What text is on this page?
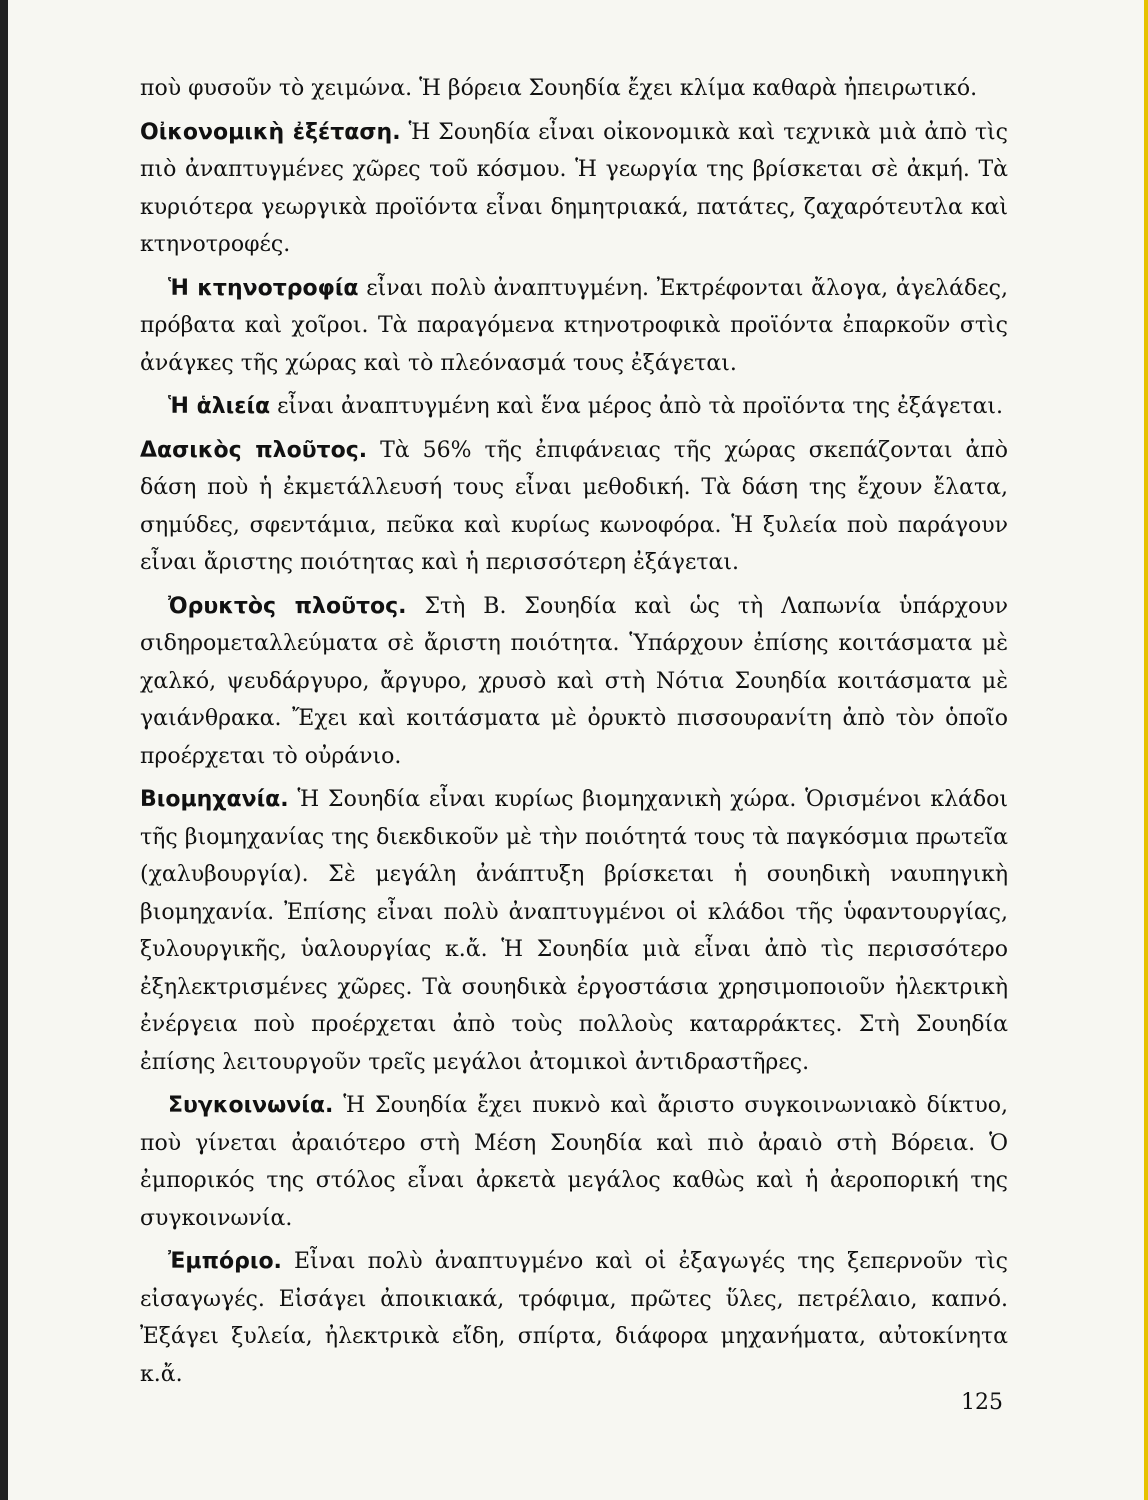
ποὺ φυσοῦν τὸ χειμώνα. Ἡ βόρεια Σουηδία ἔχει κλίμα καθαρὰ ἠπειρωτικό.

Οἰκονομικὴ ἐξέταση. Ἡ Σουηδία εἶναι οἰκονομικὰ καὶ τεχνικὰ μιὰ ἀπὸ τὶς πιὸ ἀναπτυγμένες χῶρες τοῦ κόσμου. Ἡ γεωργία της βρίσκεται σὲ ἀκμή. Τὰ κυριότερα γεωργικὰ προϊόντα εἶναι δημητριακά, πατάτες, ζαχαρότευτλα καὶ κτηνοτροφές.

Ἡ κτηνοτροφία εἶναι πολὺ ἀναπτυγμένη. Ἐκτρέφονται ἄλογα, ἀγελάδες, πρόβατα καὶ χοῖροι. Τὰ παραγόμενα κτηνοτροφικὰ προϊόντα ἐπαρκοῦν στὶς ἀνάγκες τῆς χώρας καὶ τὸ πλεόνασμά τους ἐξάγεται.

Ἡ ἁλιεία εἶναι ἀναπτυγμένη καὶ ἕνα μέρος ἀπὸ τὰ προϊόντα της ἐξάγεται.

Δασικὸς πλοῦτος. Τὰ 56% τῆς ἐπιφάνειας τῆς χώρας σκεπάζονται ἀπὸ δάση ποὺ ἡ ἐκμετάλλευσή τους εἶναι μεθοδική. Τὰ δάση της ἔχουν ἔλατα, σημύδες, σφεντάμια, πεῦκα καὶ κυρίως κωνοφόρα. Ἡ ξυλεία ποὺ παράγουν εἶναι ἄριστης ποιότητας καὶ ἡ περισσότερη ἐξάγεται.

Ὀρυκτὸς πλοῦτος. Στὴ Β. Σουηδία καὶ ὡς τὴ Λαπωνία ὑπάρχουν σιδηρομεταλλεύματα σὲ ἄριστη ποιότητα. Ὑπάρχουν ἐπίσης κοιτάσματα μὲ χαλκό, ψευδάργυρο, ἄργυρο, χρυσὸ καὶ στὴ Νότια Σουηδία κοιτάσματα μὲ γαιάνθρακα. Ἔχει καὶ κοιτάσματα μὲ ὀρυκτὸ πισσουρανίτη ἀπὸ τὸν ὁποῖο προέρχεται τὸ οὐράνιο.

Βιομηχανία. Ἡ Σουηδία εἶναι κυρίως βιομηχανικὴ χώρα. Ὁρισμένοι κλάδοι τῆς βιομηχανίας της διεκδικοῦν μὲ τὴν ποιότητά τους τὰ παγκόσμια πρωτεῖα (χαλυβουργία). Σὲ μεγάλη ἀνάπτυξη βρίσκεται ἡ σουηδικὴ ναυπηγικὴ βιομηχανία. Ἐπίσης εἶναι πολὺ ἀναπτυγμένοι οἱ κλάδοι τῆς ὑφαντουργίας, ξυλουργικῆς, ὑαλουργίας κ.ἄ. Ἡ Σουηδία μιὰ εἶναι ἀπὸ τὶς περισσότερο ἐξηλεκτρισμένες χῶρες. Τὰ σουηδικὰ ἐργοστάσια χρησιμοποιοῦν ἠλεκτρικὴ ἐνέργεια ποὺ προέρχεται ἀπὸ τοὺς πολλοὺς καταρράκτες. Στὴ Σουηδία ἐπίσης λειτουργοῦν τρεῖς μεγάλοι ἀτομικοὶ ἀντιδραστῆρες.

Συγκοινωνία. Ἡ Σουηδία ἔχει πυκνὸ καὶ ἄριστο συγκοινωνιακὸ δίκτυο, ποὺ γίνεται ἀραιότερο στὴ Μέση Σουηδία καὶ πιὸ ἀραιὸ στὴ Βόρεια. Ὁ ἐμπορικός της στόλος εἶναι ἀρκετὰ μεγάλος καθὼς καὶ ἡ ἀεροπορική της συγκοινωνία.

Ἐμπόριο. Εἶναι πολὺ ἀναπτυγμένο καὶ οἱ ἐξαγωγές της ξεπερνοῦν τὶς εἰσαγωγές. Εἰσάγει ἀποικιακά, τρόφιμα, πρῶτες ὕλες, πετρέλαιο, καπνό. Ἐξάγει ξυλεία, ἠλεκτρικὰ εἴδη, σπίρτα, διάφορα μηχανήματα, αὐτοκίνητα κ.ἄ.

125
